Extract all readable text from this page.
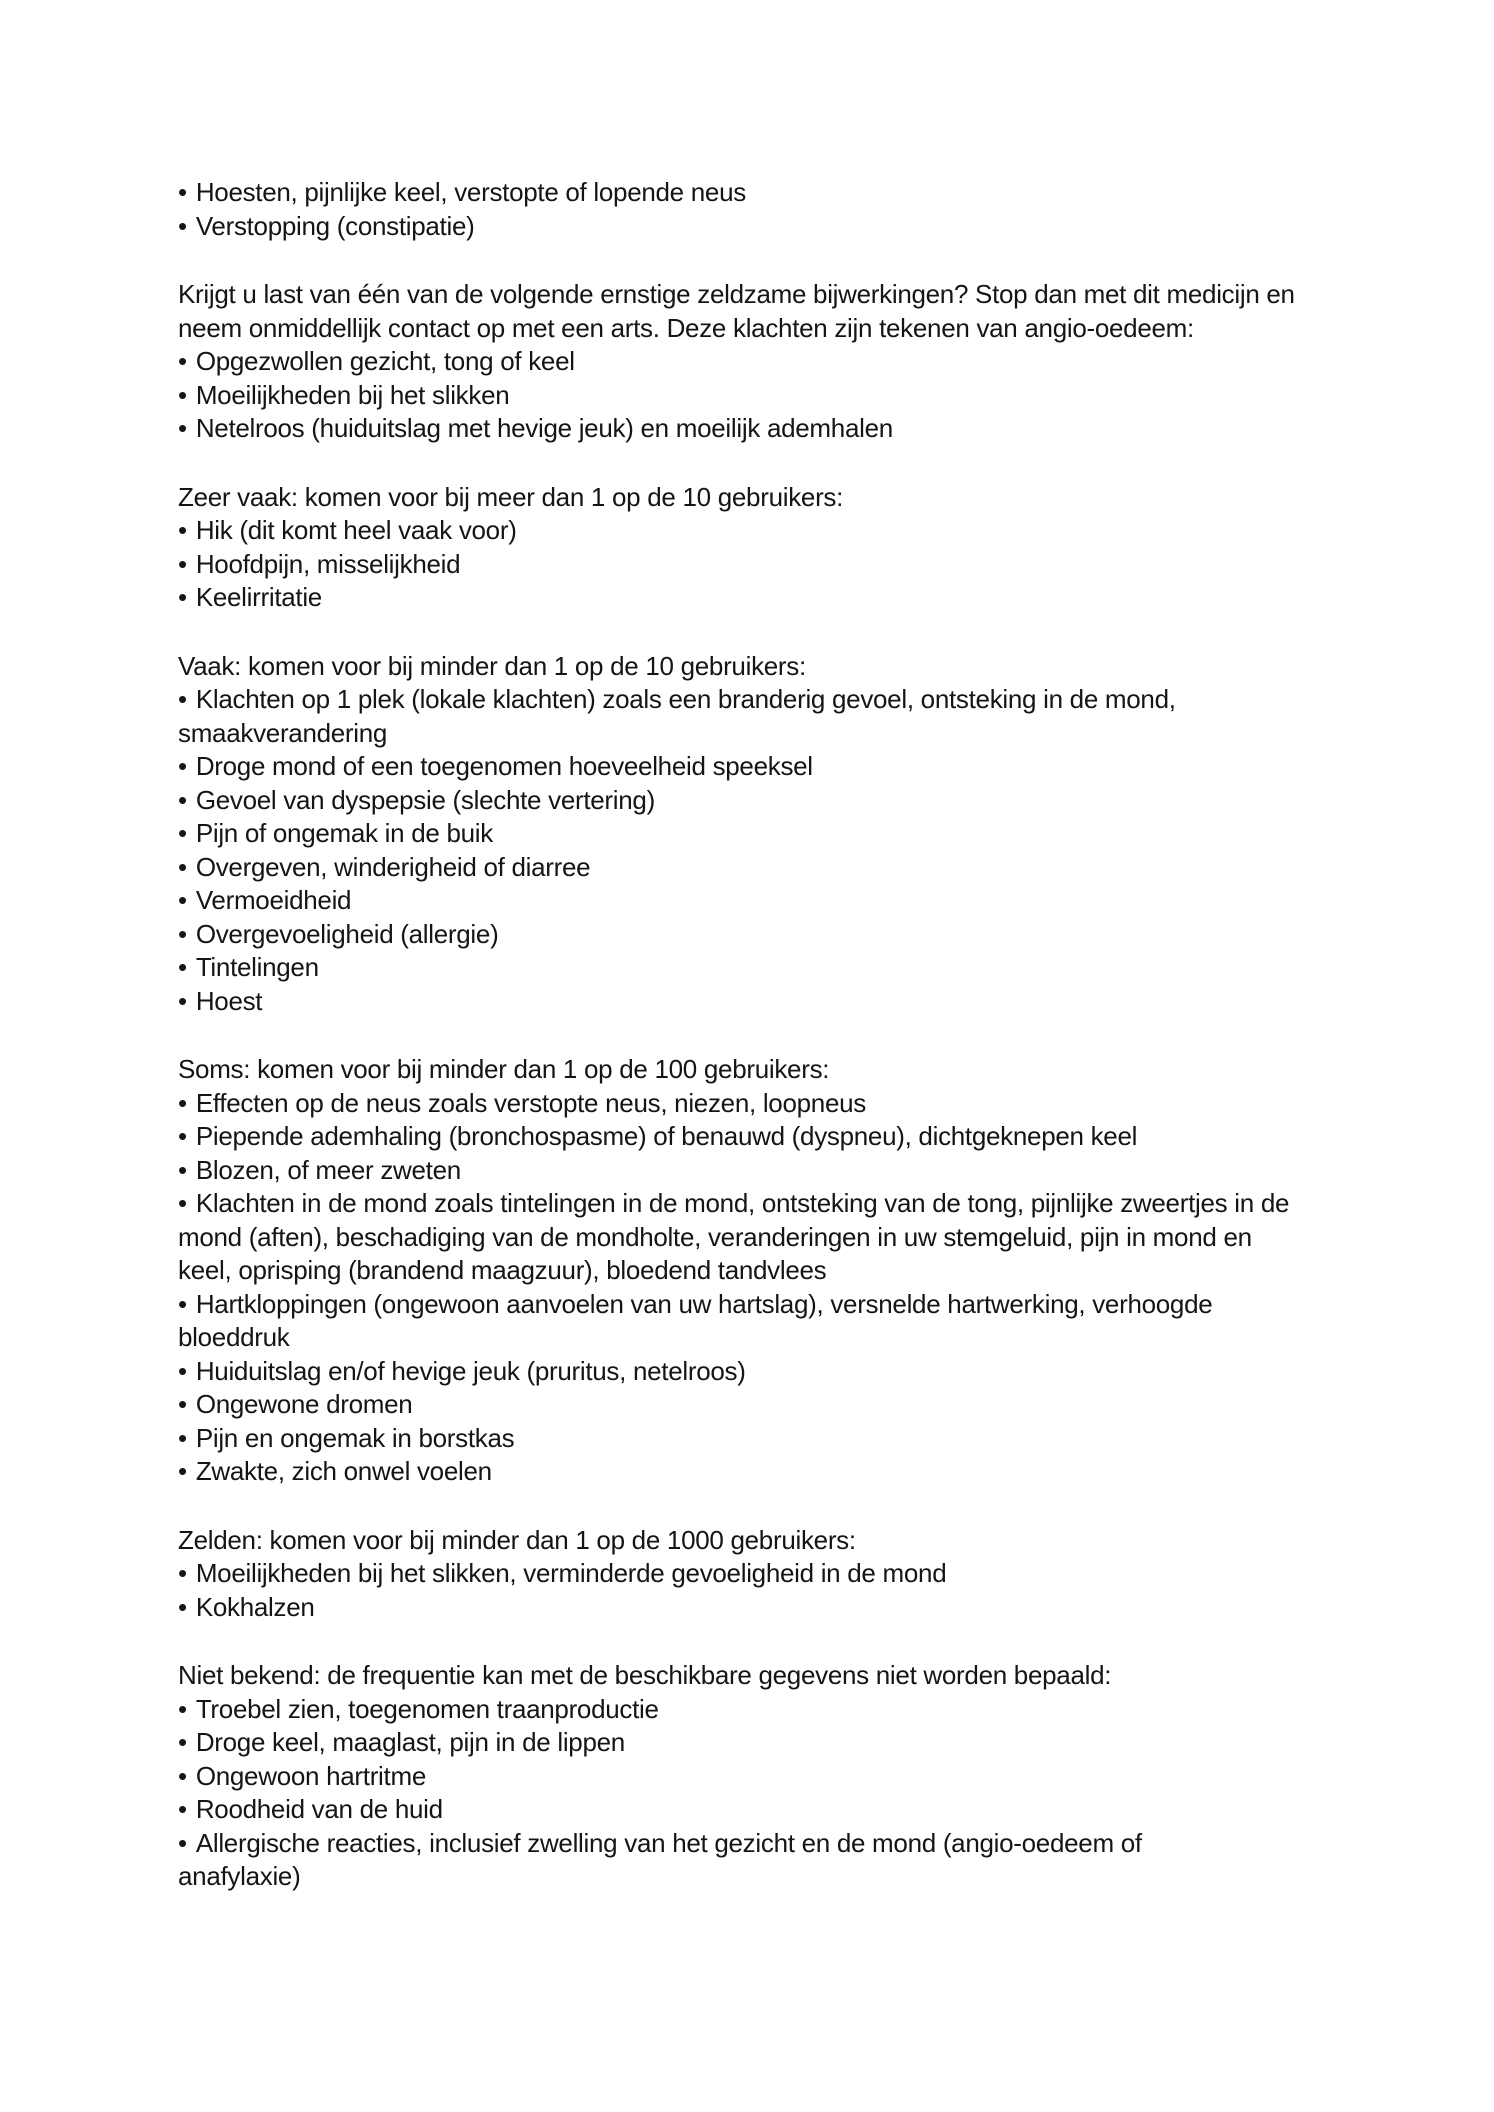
• Hoesten, pijnlijke keel, verstopte of lopende neus
• Verstopping (constipatie)
Krijgt u last van één van de volgende ernstige zeldzame bijwerkingen? Stop dan met dit medicijn en
neem onmiddellijk contact op met een arts. Deze klachten zijn tekenen van angio-oedeem:
• Opgezwollen gezicht, tong of keel
• Moeilijkheden bij het slikken
• Netelroos (huiduitslag met hevige jeuk) en moeilijk ademhalen
Zeer vaak: komen voor bij meer dan 1 op de 10 gebruikers:
• Hik (dit komt heel vaak voor)
• Hoofdpijn, misselijkheid
• Keelirritatie
Vaak: komen voor bij minder dan 1 op de 10 gebruikers:
• Klachten op 1 plek (lokale klachten) zoals een branderig gevoel, ontsteking in de mond,
smaakverandering
• Droge mond of een toegenomen hoeveelheid speeksel
• Gevoel van dyspepsie (slechte vertering)
• Pijn of ongemak in de buik
• Overgeven, winderigheid of diarree
• Vermoeidheid
• Overgevoeligheid (allergie)
• Tintelingen
• Hoest
Soms: komen voor bij minder dan 1 op de 100 gebruikers:
• Effecten op de neus zoals verstopte neus, niezen, loopneus
• Piepende ademhaling (bronchospasme) of benauwd (dyspneu), dichtgeknepen keel
• Blozen, of meer zweten
• Klachten in de mond zoals tintelingen in de mond, ontsteking van de tong, pijnlijke zweertjes in de
mond (aften), beschadiging van de mondholte, veranderingen in uw stemgeluid, pijn in mond en
keel, oprisping (brandend maagzuur), bloedend tandvlees
• Hartkloppingen (ongewoon aanvoelen van uw hartslag), versnelde hartwerking, verhoogde
bloeddruk
• Huiduitslag en/of hevige jeuk (pruritus, netelroos)
• Ongewone dromen
• Pijn en ongemak in borstkas
• Zwakte, zich onwel voelen
Zelden: komen voor bij minder dan 1 op de 1000 gebruikers:
• Moeilijkheden bij het slikken, verminderde gevoeligheid in de mond
• Kokhalzen
Niet bekend: de frequentie kan met de beschikbare gegevens niet worden bepaald:
• Troebel zien, toegenomen traanproductie
• Droge keel, maaglast, pijn in de lippen
• Ongewoon hartritme
• Roodheid van de huid
• Allergische reacties, inclusief zwelling van het gezicht en de mond (angio-oedeem of
anafylaxie)
